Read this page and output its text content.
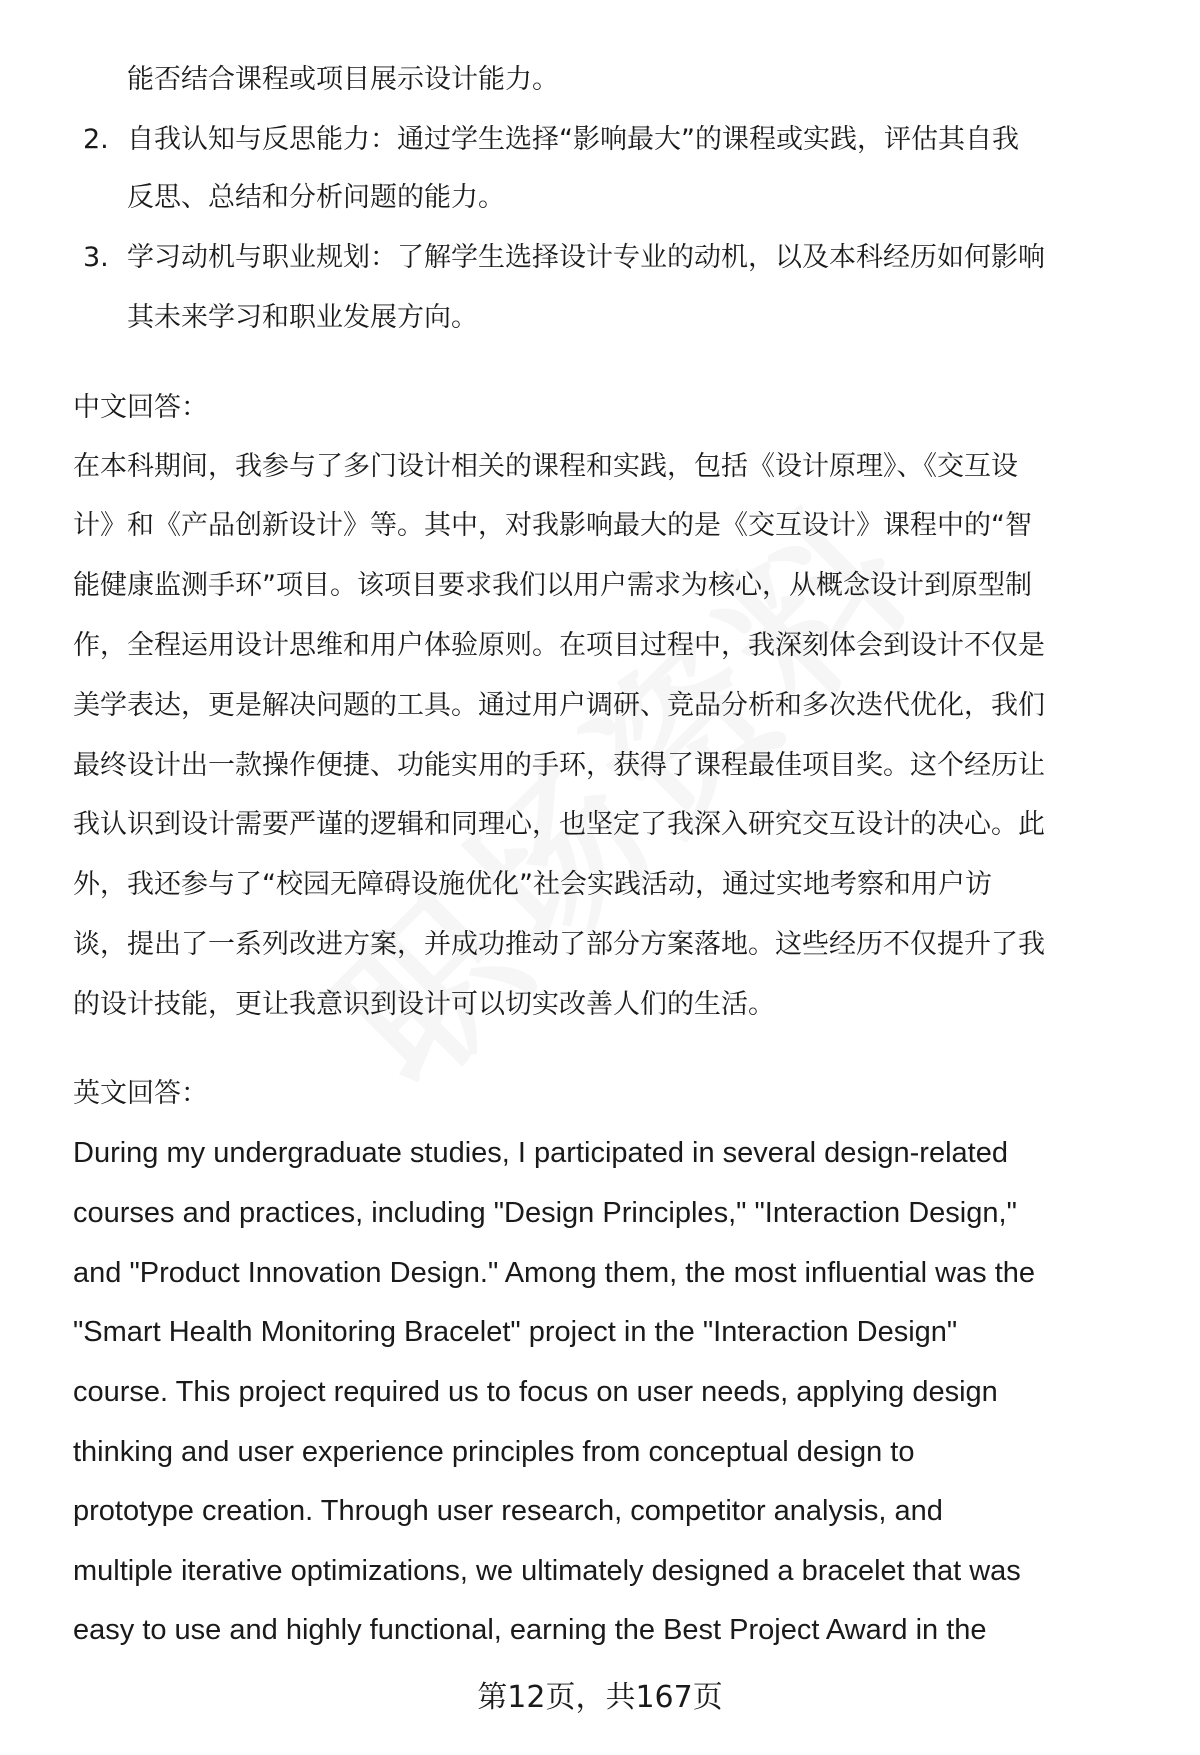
能否结合课程或项目展示设计能力。
2. 自我认知与反思能力：通过学生选择“影响最大”的课程或实践，评估其自我
反思、总结和分析问题的能力。
3. 学习动机与职业规划：了解学生选择设计专业的动机，以及本科经历如何影响
其未来学习和职业发展方向。
中文回答：
在本科期间，我参与了多门设计相关的课程和实践，包括《设计原理》、《交互设
计》和《产品创新设计》等。其中，对我影响最大的是《交互设计》课程中的“智
能健康监测手环”项目。该项目要求我们以用户需求为核心，从概念设计到原型制
作，全程运用设计思维和用户体验原则。在项目过程中，我深刻体会到设计不仅是
美学表达，更是解决问题的工具。通过用户调研、竞品分析和多次迭代优化，我们
最终设计出一款操作便捷、功能实用的手环，获得了课程最佳项目奖。这个经历让
我认识到设计需要严谨的逻辑和同理心，也坚定了我深入研究交互设计的决心。此
外，我还参与了“校园无障碍设施优化”社会实践活动，通过实地考察和用户访
谈，提出了一系列改进方案，并成功推动了部分方案落地。这些经历不仅提升了我
的设计技能，更让我意识到设计可以切实改善人们的生活。
英文回答：
During my undergraduate studies, I participated in several design-related
courses and practices, including "Design Principles," "Interaction Design,"
and "Product Innovation Design." Among them, the most influential was the
"Smart Health Monitoring Bracelet" project in the "Interaction Design"
course. This project required us to focus on user needs, applying design
thinking and user experience principles from conceptual design to
prototype creation. Through user research, competitor analysis, and
multiple iterative optimizations, we ultimately designed a bracelet that was
easy to use and highly functional, earning the Best Project Award in the
第12页，共167页
